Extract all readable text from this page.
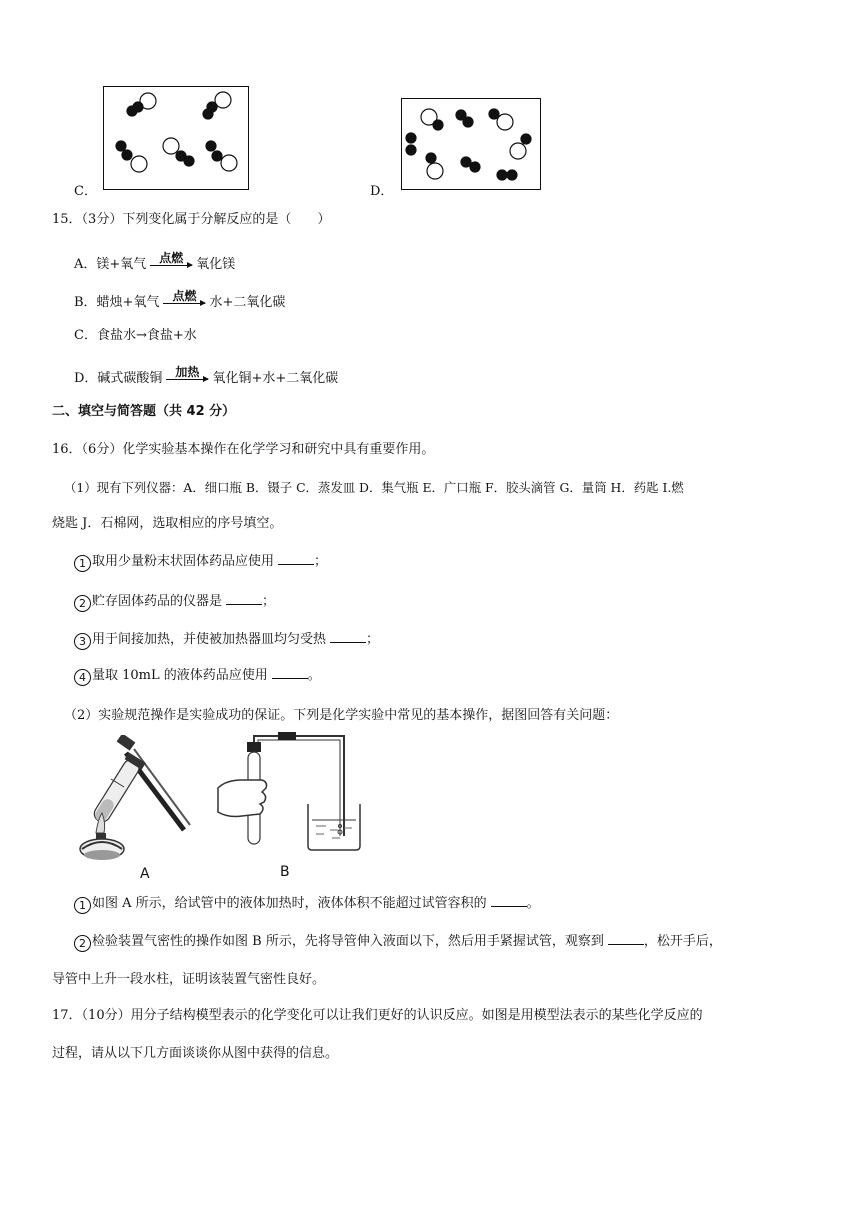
C．	D．
15．（3分）下列变化属于分解反应的是（　　）
A．镁+氧气	点燃	氧化镁
B．蜡烛+氧气	点燃	水+二氧化碳
C．食盐水→食盐+水
D．碱式碳酸铜	加热	氧化铜+水+二氧化碳
二、填空与简答题（共 42 分）
16．（6分）化学实验基本操作在化学学习和研究中具有重要作用。
（1）现有下列仪器：A．细口瓶 B．镊子 C．蒸发皿 D．集气瓶 E．广口瓶 F．胶头滴管 G．量筒 H．药匙 I.燃
烧匙 J．石棉网，选取相应的序号填空。
1 取用少量粉末状固体药品应使用	；
2 贮存固体药品的仪器是	；
3 用于间接加热，并使被加热器皿均匀受热	；
4 量取 10mL 的液体药品应使用	。
（2）实验规范操作是实验成功的保证。下列是化学实验中常见的基本操作，据图回答有关问题：
A	B
1 如图 A 所示，给试管中的液体加热时，液体体积不能超过试管容积的	。
2 检验装置气密性的操作如图 B 所示，先将导管伸入液面以下，然后用手紧握试管，观察到	，松开手后，
导管中上升一段水柱，证明该装置气密性良好。
17．（10分）用分子结构模型表示的化学变化可以让我们更好的认识反应。如图是用模型法表示的某些化学反应的
过程，请从以下几方面谈谈你从图中获得的信息。
